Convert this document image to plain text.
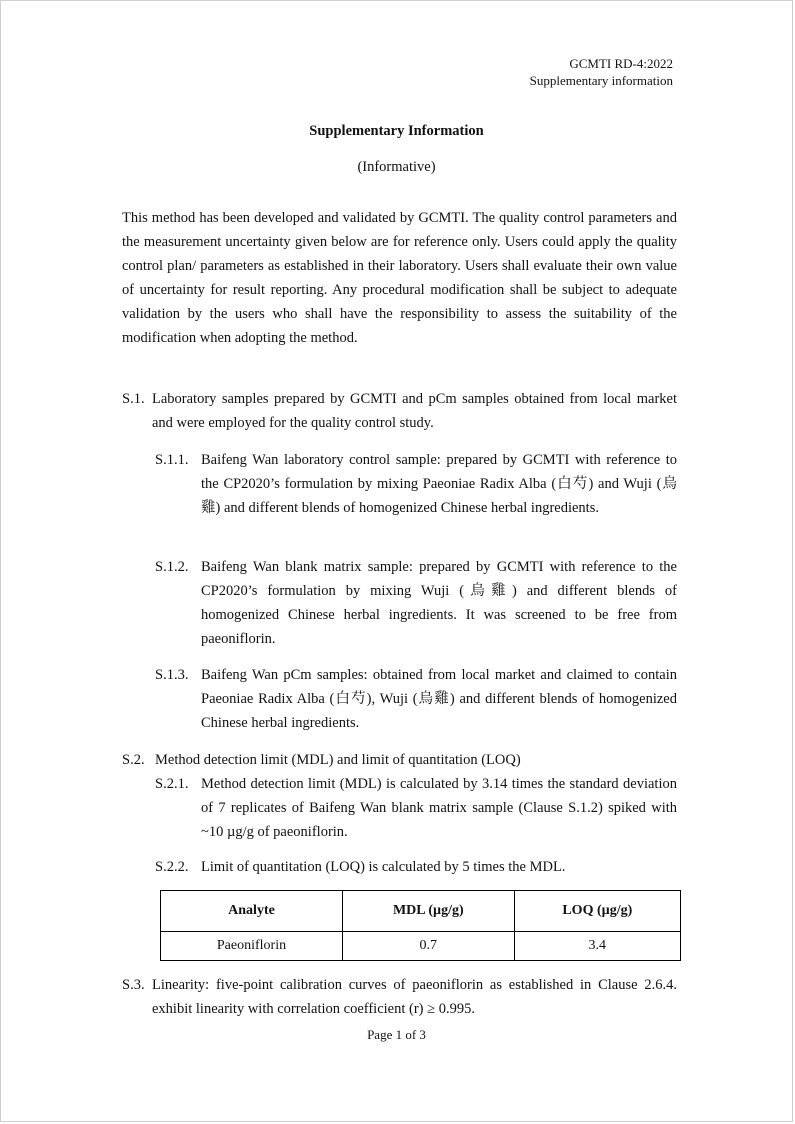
GCMTI RD-4:2022
Supplementary information
Supplementary Information
(Informative)

This method has been developed and validated by GCMTI. The quality control parameters and the measurement uncertainty given below are for reference only. Users could apply the quality control plan/ parameters as established in their laboratory. Users shall evaluate their own value of uncertainty for result reporting. Any procedural modification shall be subject to adequate validation by the users who shall have the responsibility to assess the suitability of the modification when adopting the method.

S.1. Laboratory samples prepared by GCMTI and pCm samples obtained from local market and were employed for the quality control study.
S.1.1. Baifeng Wan laboratory control sample: prepared by GCMTI with reference to the CP2020’s formulation by mixing Paeoniae Radix Alba (白芍) and Wuji (烏雞) and different blends of homogenized Chinese herbal ingredients.
S.1.2. Baifeng Wan blank matrix sample: prepared by GCMTI with reference to the CP2020’s formulation by mixing Wuji (烏雞) and different blends of homogenized Chinese herbal ingredients. It was screened to be free from paeoniflorin.
S.1.3. Baifeng Wan pCm samples: obtained from local market and claimed to contain Paeoniae Radix Alba (白芍), Wuji (烏雞) and different blends of homogenized Chinese herbal ingredients.
S.2. Method detection limit (MDL) and limit of quantitation (LOQ)
S.2.1. Method detection limit (MDL) is calculated by 3.14 times the standard deviation of 7 replicates of Baifeng Wan blank matrix sample (Clause S.1.2) spiked with ~10 µg/g of paeoniflorin.
S.2.2. Limit of quantitation (LOQ) is calculated by 5 times the MDL.
Analyte	MDL (µg/g)	LOQ (µg/g)
Paeoniflorin	0.7	3.4
S.3. Linearity: five-point calibration curves of paeoniflorin as established in Clause 2.6.4. exhibit linearity with correlation coefficient (r) ≥ 0.995.
Page 1 of 3
